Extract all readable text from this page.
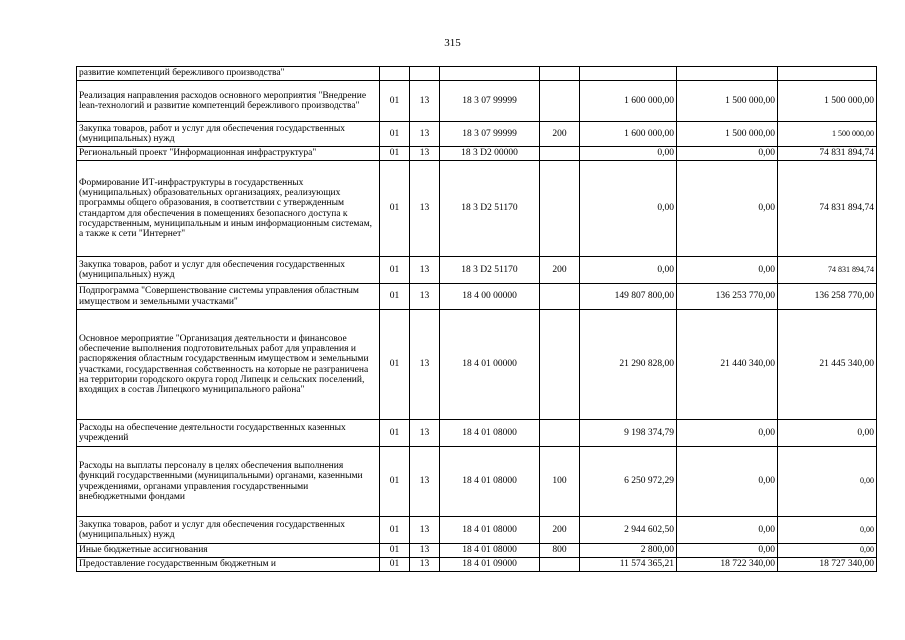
315
развитие компетенций бережливого производства"							
Реализация направления расходов основного мероприятия "Внедрение lean-технологий и развитие компетенций бережливого производства"	01	13	18 3 07 99999		1 600 000,00	1 500 000,00	1 500 000,00
Закупка товаров, работ и услуг для обеспечения государственных (муниципальных) нужд	01	13	18 3 07 99999	200	1 600 000,00	1 500 000,00	1 500 000,00
Региональный проект "Информационная инфраструктура"	01	13	18 3 D2 00000		0,00	0,00	74 831 894,74
Формирование ИТ-инфраструктуры в государственных (муниципальных) образовательных организациях, реализующих программы общего образования, в соответствии с утвержденным стандартом для обеспечения в помещениях безопасного доступа к государственным, муниципальным и иным информационным системам, а также к сети "Интернет"	01	13	18 3 D2 51170		0,00	0,00	74 831 894,74
Закупка товаров, работ и услуг для обеспечения государственных (муниципальных) нужд	01	13	18 3 D2 51170	200	0,00	0,00	74 831 894,74
Подпрограмма "Совершенствование системы управления областным имуществом и земельными участками"	01	13	18 4 00 00000		149 807 800,00	136 253 770,00	136 258 770,00
Основное мероприятие "Организация деятельности и финансовое обеспечение выполнения подготовительных работ для управления и распоряжения областным государственным имуществом и земельными участками, государственная собственность на которые не разграничена на территории городского округа город Липецк и сельских поселений, входящих в состав Липецкого муниципального района"	01	13	18 4 01 00000		21 290 828,00	21 440 340,00	21 445 340,00
Расходы на обеспечение деятельности государственных казенных учреждений	01	13	18 4 01 08000		9 198 374,79	0,00	0,00
Расходы на выплаты персоналу в целях обеспечения выполнения функций государственными (муниципальными) органами, казенными учреждениями, органами управления государственными внебюджетными фондами	01	13	18 4 01 08000	100	6 250 972,29	0,00	0,00
Закупка товаров, работ и услуг для обеспечения государственных (муниципальных) нужд	01	13	18 4 01 08000	200	2 944 602,50	0,00	0,00
Иные бюджетные ассигнования	01	13	18 4 01 08000	800	2 800,00	0,00	0,00
Предоставление государственным бюджетным и	01	13	18 4 01 09000		11 574 365,21	18 722 340,00	18 727 340,00
